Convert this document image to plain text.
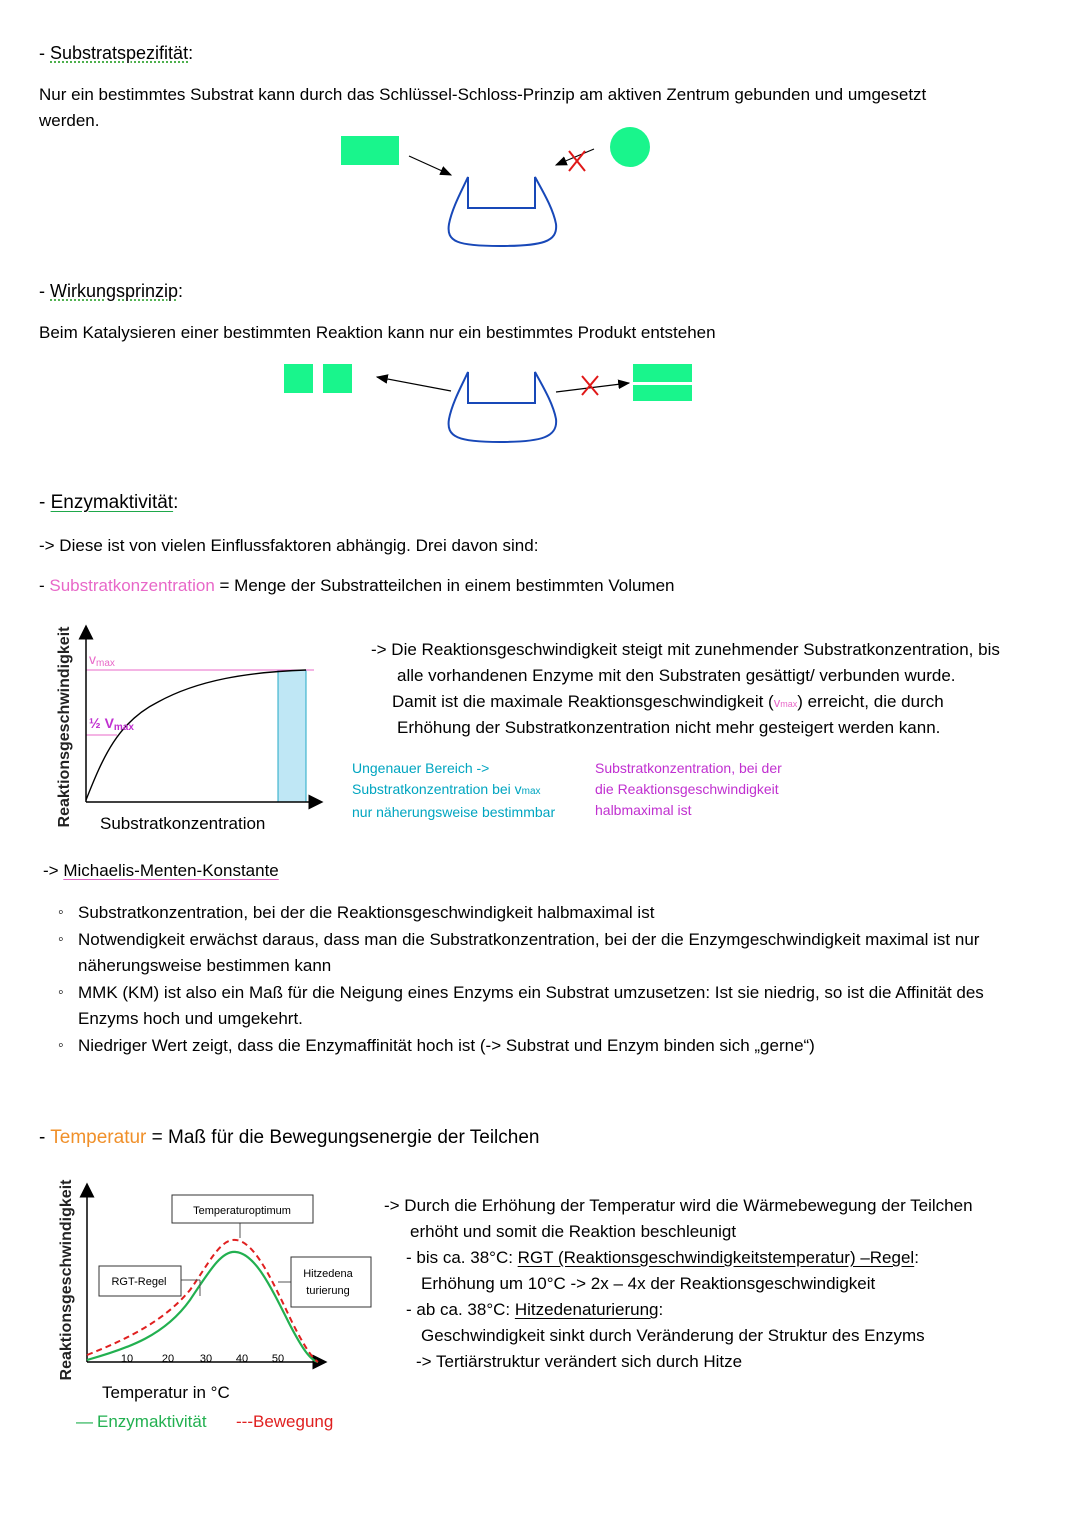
- Substratspezifität:
Nur ein bestimmtes Substrat kann durch das Schlüssel-Schloss-Prinzip am aktiven Zentrum gebunden und umgesetzt
werden.
- Wirkungsprinzip:
Beim Katalysieren einer bestimmten Reaktion kann nur ein bestimmtes Produkt entstehen
- Enzymaktivität:
-> Diese ist von vielen Einflussfaktoren abhängig. Drei davon sind:
- Substratkonzentration = Menge der Substratteilchen in einem bestimmten Volumen
Reaktionsgeschwindigkeit vmax
½ Vmax
Substratkonzentration
-> Die Reaktionsgeschwindigkeit steigt mit zunehmender Substratkonzentration, bis
alle vorhandenen Enzyme mit den Substraten gesättigt/ verbunden wurde.
Damit ist die maximale Reaktionsgeschwindigkeit (vmax) erreicht, die durch
Erhöhung der Substratkonzentration nicht mehr gesteigert werden kann.
Ungenauer Bereich ->
Substratkonzentration bei vmax
nur näherungsweise bestimmbar
Substratkonzentration, bei der
die Reaktionsgeschwindigkeit
halbmaximal ist
-> Michaelis-Menten-Konstante
◦ Substratkonzentration, bei der die Reaktionsgeschwindigkeit halbmaximal ist
◦ Notwendigkeit erwächst daraus, dass man die Substratkonzentration, bei der die Enzymgeschwindigkeit maximal ist nur näherungsweise bestimmen kann
◦ MMK (KM) ist also ein Maß für die Neigung eines Enzyms ein Substrat umzusetzen: Ist sie niedrig, so ist die Affinität des Enzyms hoch und umgekehrt.
◦ Niedriger Wert zeigt, dass die Enzymaffinität hoch ist (-> Substrat und Enzym binden sich „gerne“)
- Temperatur = Maß für die Bewegungsenergie der Teilchen
Reaktionsgeschwindigkeit	10	20 30 40 50
Temperaturoptimum
RGT-Regel
Hitzedena
turierung
Temperatur in °C
— Enzymaktivität ---Bewegung
-> Durch die Erhöhung der Temperatur wird die Wärmebewegung der Teilchen
erhöht und somit die Reaktion beschleunigt
- bis ca. 38°C: RGT (Reaktionsgeschwindigkeitstemperatur) –Regel:
Erhöhung um 10°C -> 2x – 4x der Reaktionsgeschwindigkeit
- ab ca. 38°C: Hitzedenaturierung:
Geschwindigkeit sinkt durch Veränderung der Struktur des Enzyms
-> Tertiärstruktur verändert sich durch Hitze
